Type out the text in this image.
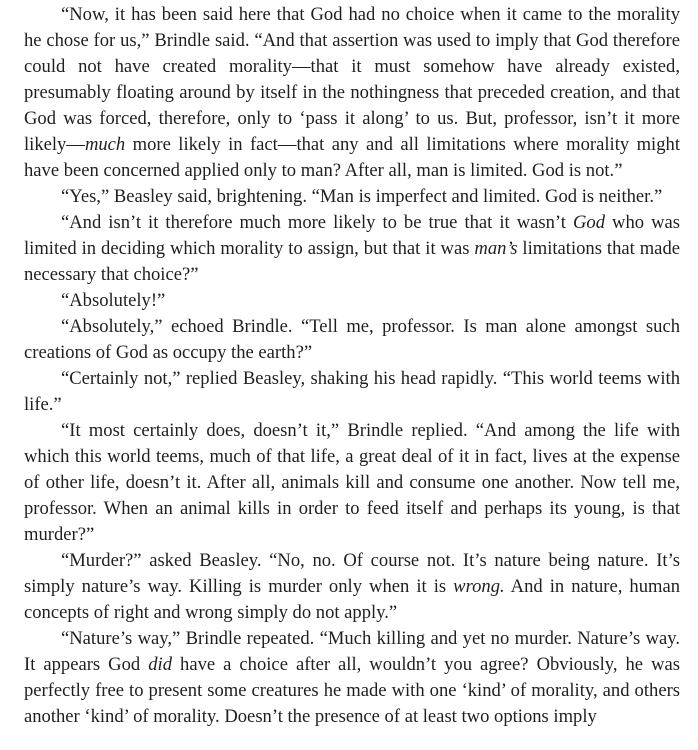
“Now, it has been said here that God had no choice when it came to the morality he chose for us,” Brindle said. “And that assertion was used to imply that God therefore could not have created morality—that it must somehow have already existed, presumably floating around by itself in the nothingness that preceded creation, and that God was forced, therefore, only to ‘pass it along’ to us. But, professor, isn’t it more likely—much more likely in fact—that any and all limitations where morality might have been concerned applied only to man? After all, man is limited. God is not.”

“Yes,” Beasley said, brightening. “Man is imperfect and limited. God is neither.”

“And isn’t it therefore much more likely to be true that it wasn’t God who was limited in deciding which morality to assign, but that it was man’s limitations that made necessary that choice?”

“Absolutely!”

“Absolutely,” echoed Brindle. “Tell me, professor. Is man alone amongst such creations of God as occupy the earth?”

“Certainly not,” replied Beasley, shaking his head rapidly. “This world teems with life.”

“It most certainly does, doesn’t it,” Brindle replied. “And among the life with which this world teems, much of that life, a great deal of it in fact, lives at the expense of other life, doesn’t it. After all, animals kill and consume one another. Now tell me, professor. When an animal kills in order to feed itself and perhaps its young, is that murder?”

“Murder?” asked Beasley. “No, no. Of course not. It’s nature being nature. It’s simply nature’s way. Killing is murder only when it is wrong. And in nature, human concepts of right and wrong simply do not apply.”

“Nature’s way,” Brindle repeated. “Much killing and yet no murder. Nature’s way. It appears God did have a choice after all, wouldn’t you agree? Obviously, he was perfectly free to present some creatures he made with one ‘kind’ of morality, and others another ‘kind’ of morality. Doesn’t the presence of at least two options imply
